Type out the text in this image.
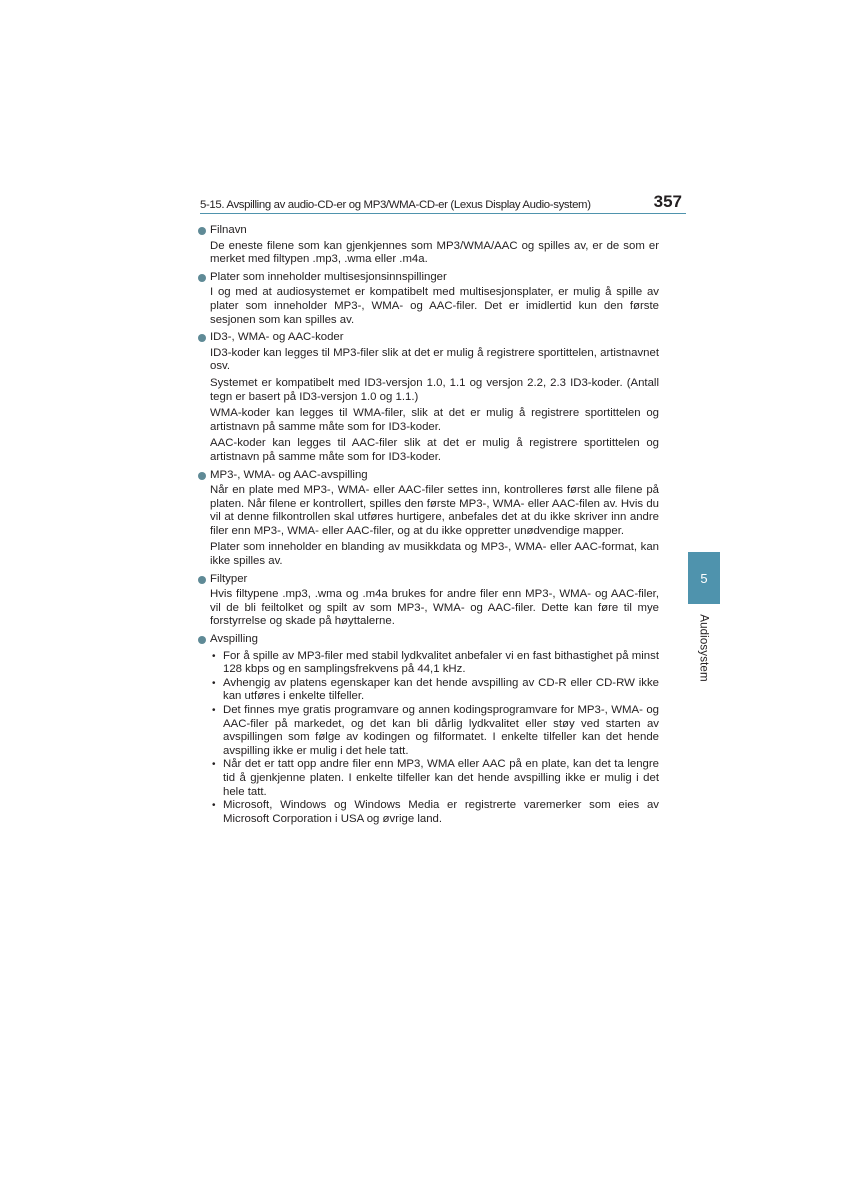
5-15. Avspilling av audio-CD-er og MP3/WMA-CD-er (Lexus Display Audio-system)	357
Filnavn

De eneste filene som kan gjenkjennes som MP3/WMA/AAC og spilles av, er de som er merket med filtypen .mp3, .wma eller .m4a.

Plater som inneholder multisesjonsinnspillinger

I og med at audiosystemet er kompatibelt med multisesjonsplater, er mulig å spille av plater som inneholder MP3-, WMA- og AAC-filer. Det er imidlertid kun den første sesjonen som kan spilles av.

ID3-, WMA- og AAC-koder

ID3-koder kan legges til MP3-filer slik at det er mulig å registrere sportittelen, artistnavnet osv.

Systemet er kompatibelt med ID3-versjon 1.0, 1.1 og versjon 2.2, 2.3 ID3-koder. (Antall tegn er basert på ID3-versjon 1.0 og 1.1.)

WMA-koder kan legges til WMA-filer, slik at det er mulig å registrere sportittelen og artistnavn på samme måte som for ID3-koder.

AAC-koder kan legges til AAC-filer slik at det er mulig å registrere sportittelen og artistnavn på samme måte som for ID3-koder.

MP3-, WMA- og AAC-avspilling

Når en plate med MP3-, WMA- eller AAC-filer settes inn, kontrolleres først alle filene på platen. Når filene er kontrollert, spilles den første MP3-, WMA- eller AAC-filen av. Hvis du vil at denne filkontrollen skal utføres hurtigere, anbefales det at du ikke skriver inn andre filer enn MP3-, WMA- eller AAC-filer, og at du ikke oppretter unødvendige mapper.

Plater som inneholder en blanding av musikkdata og MP3-, WMA- eller AAC-format, kan ikke spilles av.

Filtyper

Hvis filtypene .mp3, .wma og .m4a brukes for andre filer enn MP3-, WMA- og AAC-filer, vil de bli feiltolket og spilt av som MP3-, WMA- og AAC-filer. Dette kan føre til mye forstyrrelse og skade på høyttalerne.

Avspilling
• For å spille av MP3-filer med stabil lydkvalitet anbefaler vi en fast bithastighet på minst 128 kbps og en samplingsfrekvens på 44,1 kHz.
• Avhengig av platens egenskaper kan det hende avspilling av CD-R eller CD-RW ikke kan utføres i enkelte tilfeller.
• Det finnes mye gratis programvare og annen kodingsprogramvare for MP3-, WMA- og AAC-filer på markedet, og det kan bli dårlig lydkvalitet eller støy ved starten av avspillingen som følge av kodingen og filformatet. I enkelte tilfeller kan det hende avspilling ikke er mulig i det hele tatt.
• Når det er tatt opp andre filer enn MP3, WMA eller AAC på en plate, kan det ta lengre tid å gjenkjenne platen. I enkelte tilfeller kan det hende avspilling ikke er mulig i det hele tatt.
• Microsoft, Windows og Windows Media er registrerte varemerker som eies av Microsoft Corporation i USA og øvrige land.
5
Audiosystem
